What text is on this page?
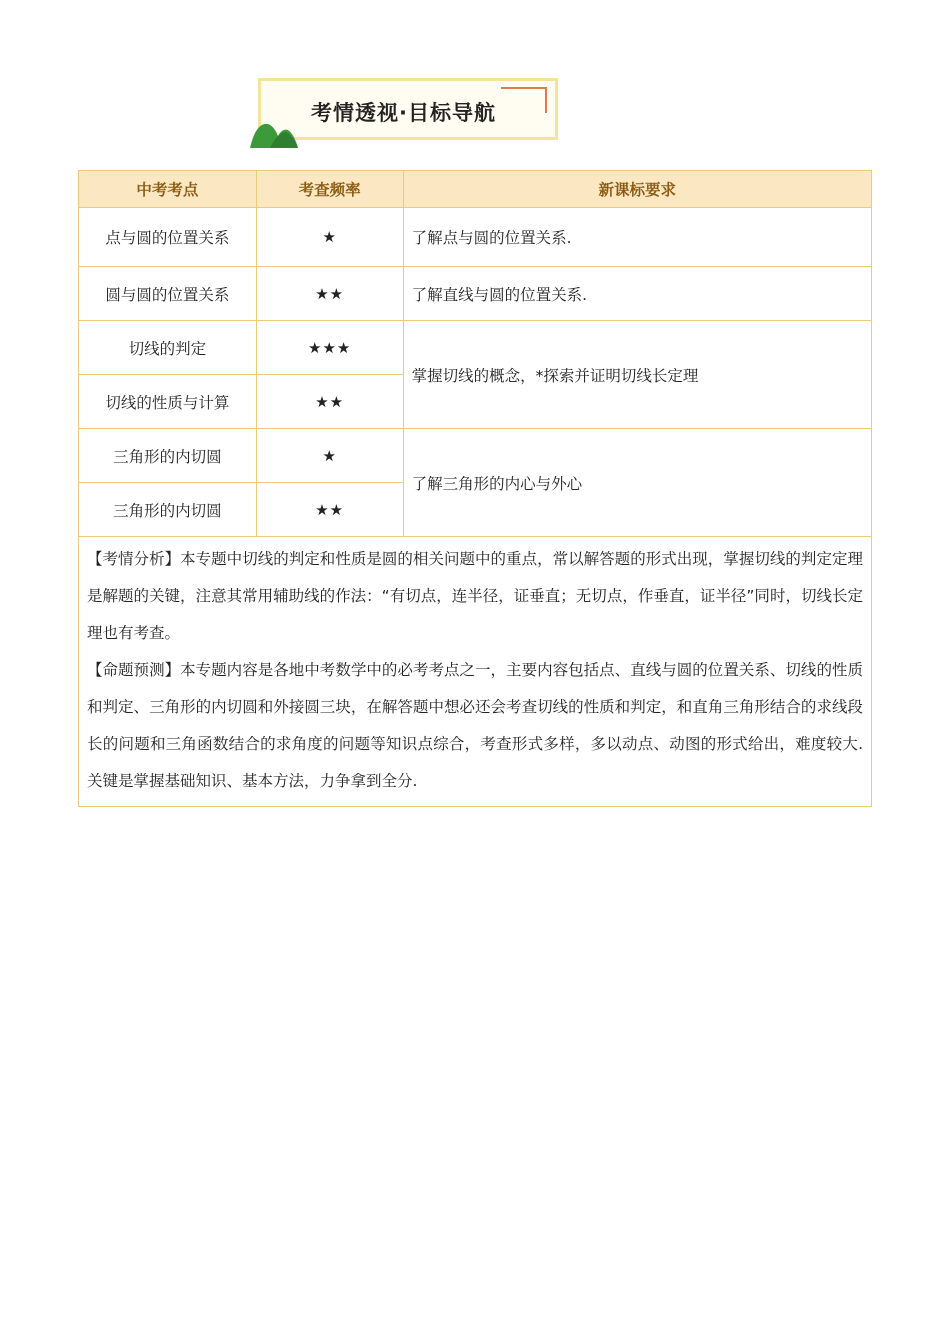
考情透视·目标导航
中考考点	考查频率	新课标要求
点与圆的位置关系	★	了解点与圆的位置关系.
圆与圆的位置关系	★★	了解直线与圆的位置关系.
切线的判定	★★★	掌握切线的概念，*探索并证明切线长定理
切线的性质与计算	★★	
三角形的内切圆	★	了解三角形的内心与外心
三角形的内切圆	★★	

【考情分析】本专题中切线的判定和性质是圆的相关问题中的重点，常以解答题的形式出现，掌握切线的判定定理是解题的关键，注意其常用辅助线的作法：“有切点，连半径，证垂直；无切点，作垂直，证半径”同时，切线长定理也有考查。

【命题预测】本专题内容是各地中考数学中的必考考点之一，主要内容包括点、直线与圆的位置关系、切线的性质和判定、三角形的内切圆和外接圆三块，在解答题中想必还会考查切线的性质和判定，和直角三角形结合的求线段长的问题和三角函数结合的求角度的问题等知识点综合，考查形式多样，多以动点、动图的形式给出，难度较大.关键是掌握基础知识、基本方法，力争拿到全分.		
